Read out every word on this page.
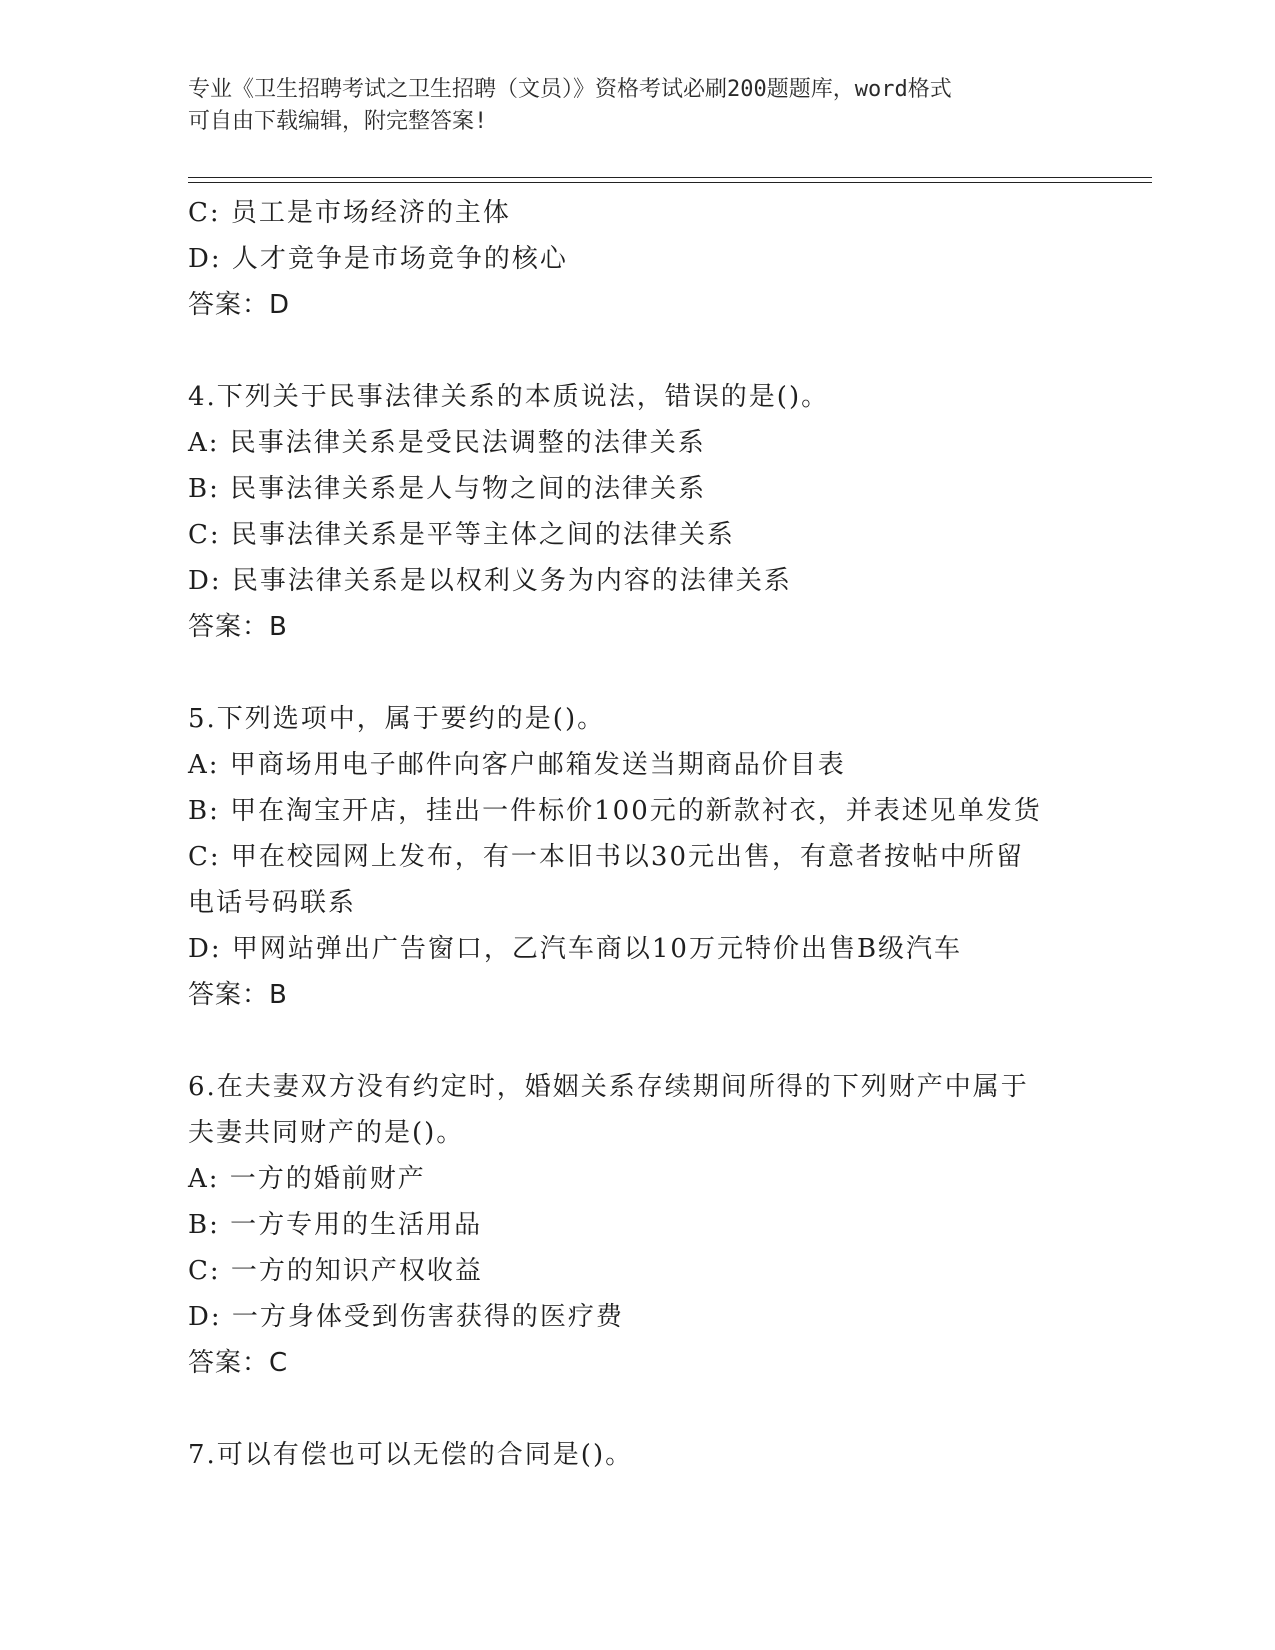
专业《卫生招聘考试之卫生招聘（文员）》资格考试必刷200题题库，word格式
可自由下载编辑，附完整答案!
C: 员工是市场经济的主体
D: 人才竞争是市场竞争的核心
答案：D
4.下列关于民事法律关系的本质说法，错误的是()。
A: 民事法律关系是受民法调整的法律关系
B: 民事法律关系是人与物之间的法律关系
C: 民事法律关系是平等主体之间的法律关系
D: 民事法律关系是以权利义务为内容的法律关系
答案：B
5.下列选项中，属于要约的是()。
A: 甲商场用电子邮件向客户邮箱发送当期商品价目表
B: 甲在淘宝开店，挂出一件标价100元的新款衬衣，并表述见单发货
C: 甲在校园网上发布，有一本旧书以30元出售，有意者按帖中所留
电话号码联系
D: 甲网站弹出广告窗口，乙汽车商以10万元特价出售B级汽车
答案：B
6.在夫妻双方没有约定时，婚姻关系存续期间所得的下列财产中属于
夫妻共同财产的是()。
A: 一方的婚前财产
B: 一方专用的生活用品
C: 一方的知识产权收益
D: 一方身体受到伤害获得的医疗费
答案：C
7.可以有偿也可以无偿的合同是()。
